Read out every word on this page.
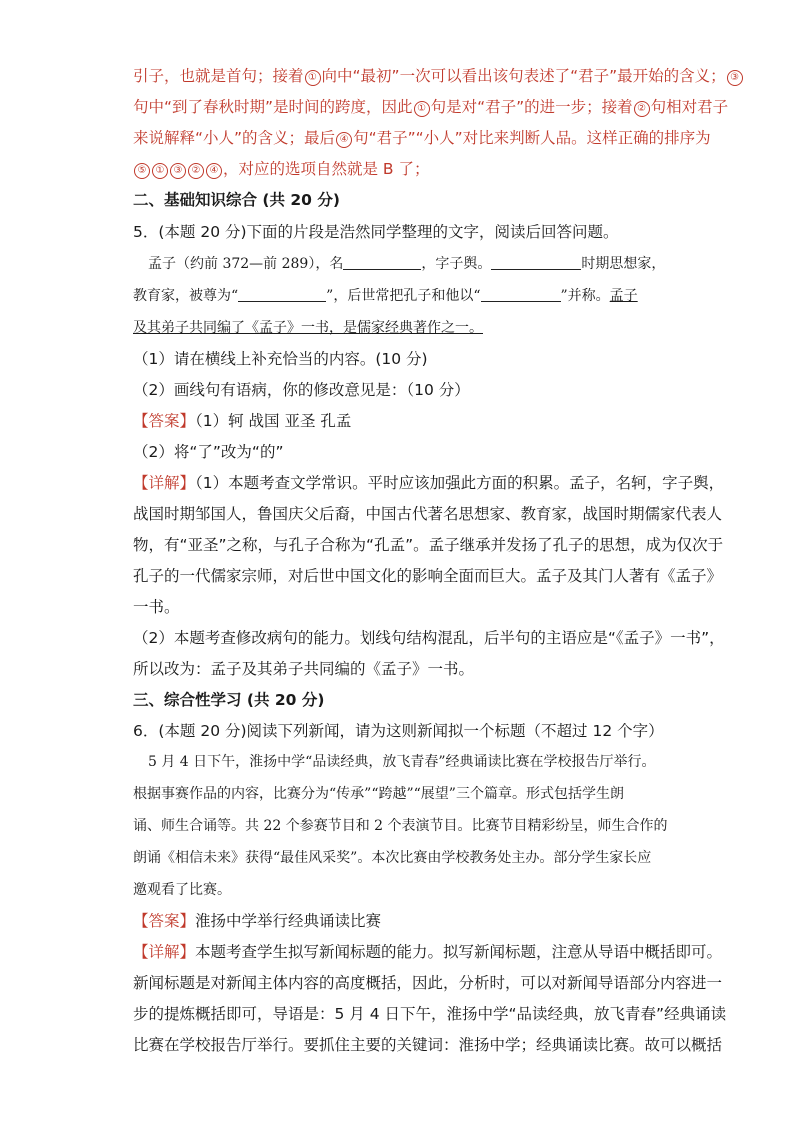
引子，也就是首句；接着 ① 向中“最初”一次可以看出该句表述了“君子”最开始的含义； ③
句中“到了春秋时期”是时间的跨度，因此 ① 句是对“君子”的进一步；接着 ② 句相对君子
来说解释“小人”的含义；最后 ④ 句“君子”“小人”对比来判断人品。这样正确的排序为
⑤ ① ③ ② ④ ，对应的选项自然就是 B 了；
二、基础知识综合 (共 20 分)
5．(本题 20 分)下面的片段是浩然同学整理的文字，阅读后回答问题。
孟子（约前 372—前 289），名	，字子舆。	时期思想家，
教育家，被尊为“	”，后世常把孔子和他以“	”并称。孟子
及其弟子共同编了《孟子》一书，是儒家经典著作之一。
（1）请在横线上补充恰当的内容。(10 分)
（2）画线句有语病，你的修改意见是：（10 分）
【答案】（1）轲 战国 亚圣 孔孟
（2）将“了”改为“的”
【详解】（1）本题考查文学常识。平时应该加强此方面的积累。孟子，名轲，字子舆，
战国时期邹国人，鲁国庆父后裔，中国古代著名思想家、教育家，战国时期儒家代表人
物，有“亚圣”之称，与孔子合称为“孔孟”。孟子继承并发扬了孔子的思想，成为仅次于
孔子的一代儒家宗师，对后世中国文化的影响全面而巨大。孟子及其门人著有《孟子》
一书。
（2）本题考查修改病句的能力。划线句结构混乱，后半句的主语应是“《孟子》一书”，
所以改为：孟子及其弟子共同编的《孟子》一书。
三、综合性学习 (共 20 分)
6．(本题 20 分)阅读下列新闻，请为这则新闻拟一个标题（不超过 12 个字）
5 月 4 日下午，淮扬中学“品读经典，放飞青春”经典诵读比赛在学校报告厅举行。
根据事赛作品的内容，比赛分为“传承”“跨越”“展望”三个篇章。形式包括学生朗
诵、师生合诵等。共 22 个参赛节目和 2 个表演节目。比赛节目精彩纷呈，师生合作的
朗诵《相信未来》获得“最佳风采奖”。本次比赛由学校教务处主办。部分学生家长应
邀观看了比赛。
【答案】淮扬中学举行经典诵读比赛
【详解】本题考查学生拟写新闻标题的能力。拟写新闻标题，注意从导语中概括即可。
新闻标题是对新闻主体内容的高度概括，因此，分析时，可以对新闻导语部分内容进一
步的提炼概括即可，导语是：5 月 4 日下午，淮扬中学“品读经典，放飞青春”经典诵读
比赛在学校报告厅举行。要抓住主要的关键词：淮扬中学；经典诵读比赛。故可以概括
